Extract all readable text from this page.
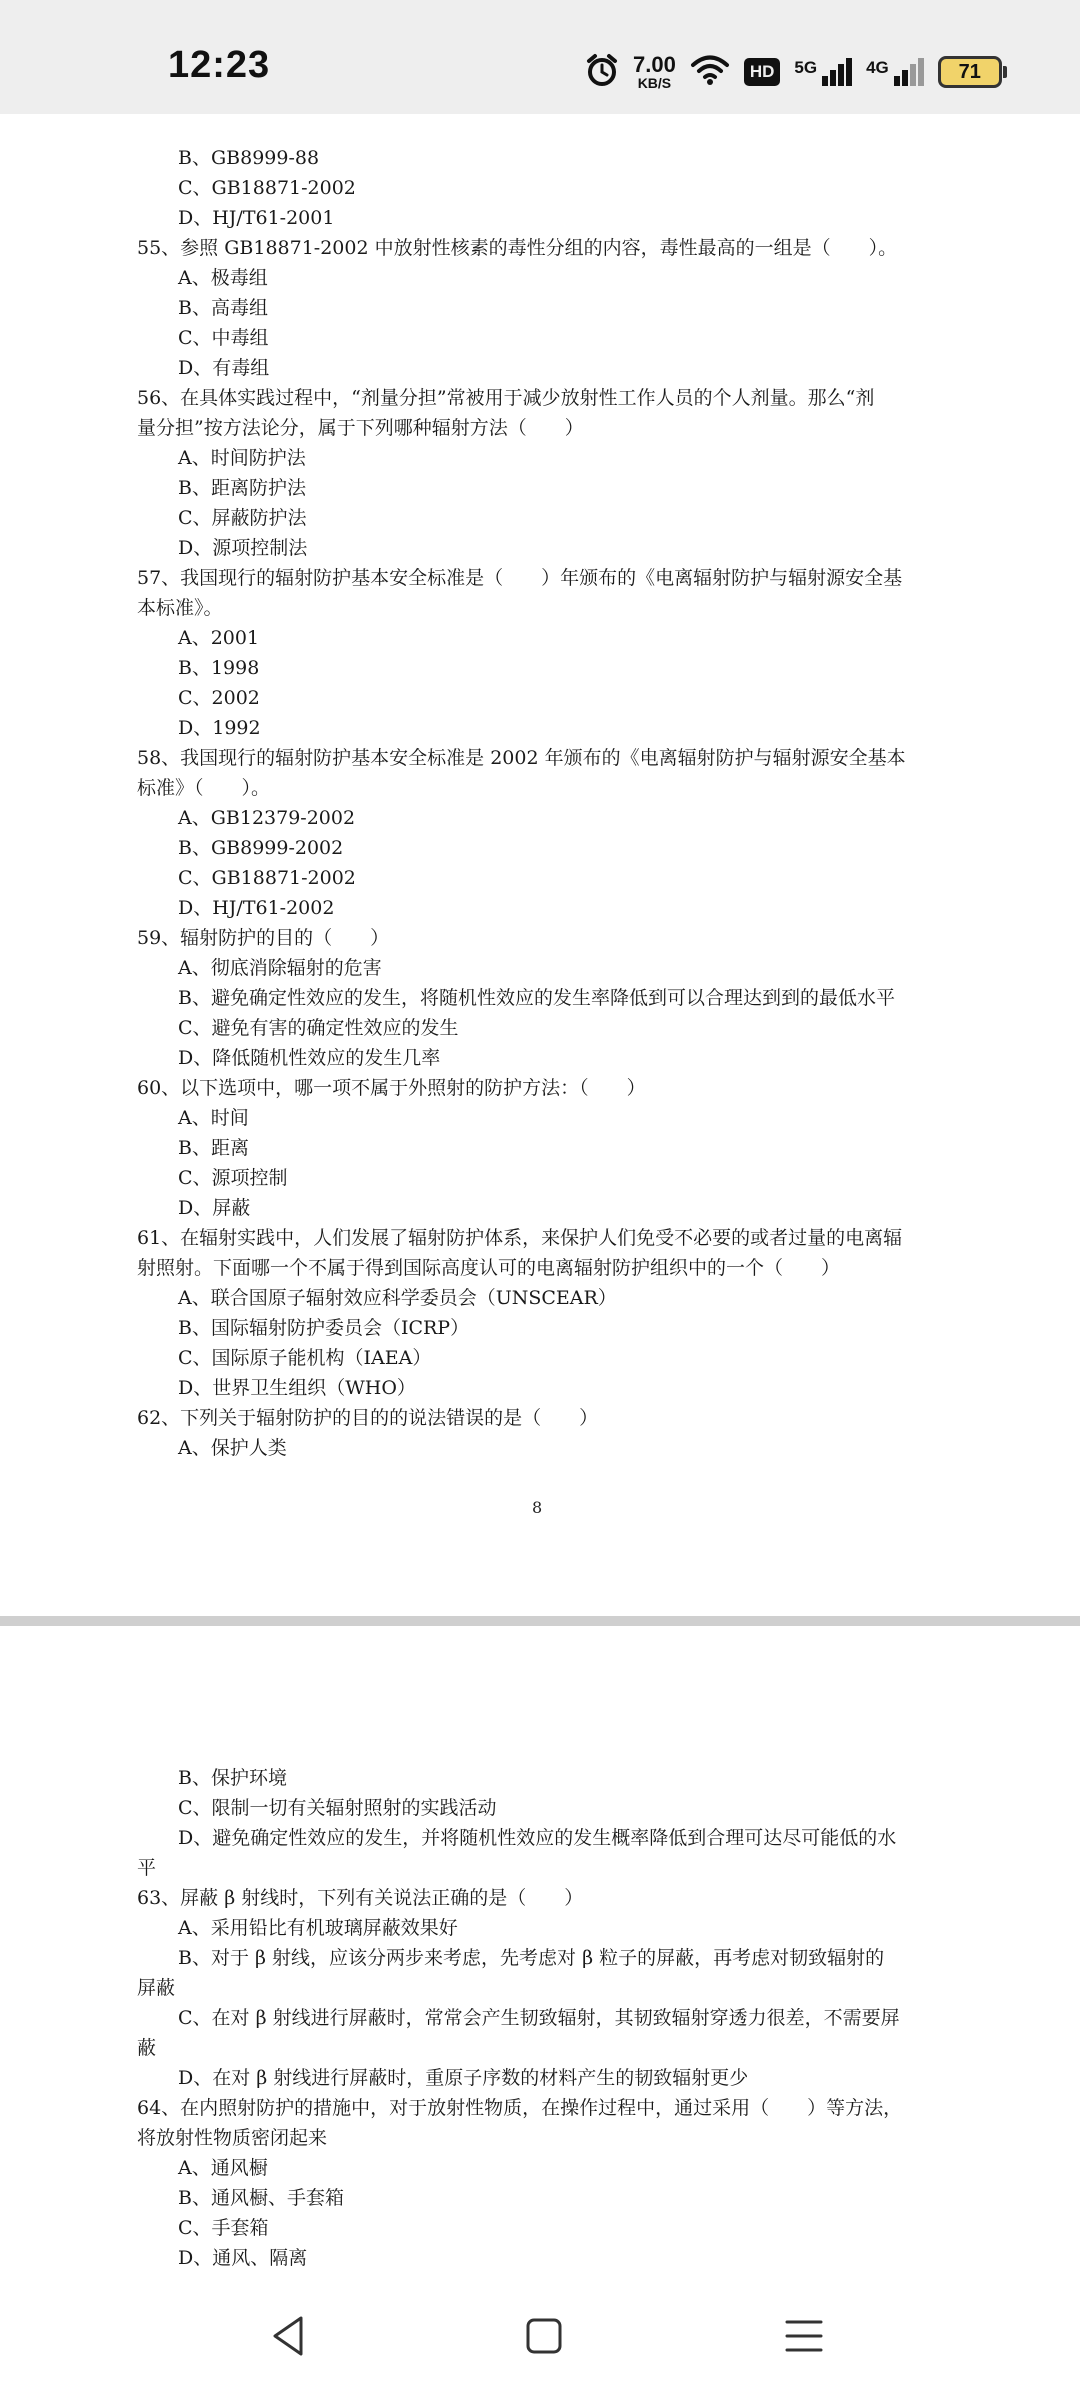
12:23	7.00
KB/S
HD	5G	4G	71
B、GB8999-88
C、GB18871-2002
D、HJ/T61-2001
55、参照 GB18871-2002 中放射性核素的毒性分组的内容，毒性最高的一组是（　　）。
A、极毒组
B、高毒组
C、中毒组
D、有毒组
56、在具体实践过程中，“剂量分担”常被用于减少放射性工作人员的个人剂量。那么“剂
量分担”按方法论分，属于下列哪种辐射方法（　　）
A、时间防护法
B、距离防护法
C、屏蔽防护法
D、源项控制法
57、我国现行的辐射防护基本安全标准是（　　）年颁布的《电离辐射防护与辐射源安全基
本标准》。
A、2001
B、1998
C、2002
D、1992
58、我国现行的辐射防护基本安全标准是 2002 年颁布的《电离辐射防护与辐射源安全基本
标准》（　　）。
A、GB12379-2002
B、GB8999-2002
C、GB18871-2002
D、HJ/T61-2002
59、辐射防护的目的（　　）
A、彻底消除辐射的危害
B、避免确定性效应的发生，将随机性效应的发生率降低到可以合理达到到的最低水平
C、避免有害的确定性效应的发生
D、降低随机性效应的发生几率
60、以下选项中，哪一项不属于外照射的防护方法：（　　）
A、时间
B、距离
C、源项控制
D、屏蔽
61、在辐射实践中，人们发展了辐射防护体系，来保护人们免受不必要的或者过量的电离辐
射照射。下面哪一个不属于得到国际高度认可的电离辐射防护组织中的一个（　　）
A、联合国原子辐射效应科学委员会（UNSCEAR）
B、国际辐射防护委员会（ICRP）
C、国际原子能机构（IAEA）
D、世界卫生组织（WHO）
62、下列关于辐射防护的目的的说法错误的是（　　）
A、保护人类
8
B、保护环境
C、限制一切有关辐射照射的实践活动
D、避免确定性效应的发生，并将随机性效应的发生概率降低到合理可达尽可能低的水
平
63、屏蔽 β 射线时，下列有关说法正确的是（　　）
A、采用铅比有机玻璃屏蔽效果好
B、对于 β 射线，应该分两步来考虑，先考虑对 β 粒子的屏蔽，再考虑对韧致辐射的
屏蔽
C、在对 β 射线进行屏蔽时，常常会产生韧致辐射，其韧致辐射穿透力很差，不需要屏
蔽
D、在对 β 射线进行屏蔽时，重原子序数的材料产生的韧致辐射更少
64、在内照射防护的措施中，对于放射性物质，在操作过程中，通过采用（　　）等方法，
将放射性物质密闭起来
A、通风橱
B、通风橱、手套箱
C、手套箱
D、通风、隔离
